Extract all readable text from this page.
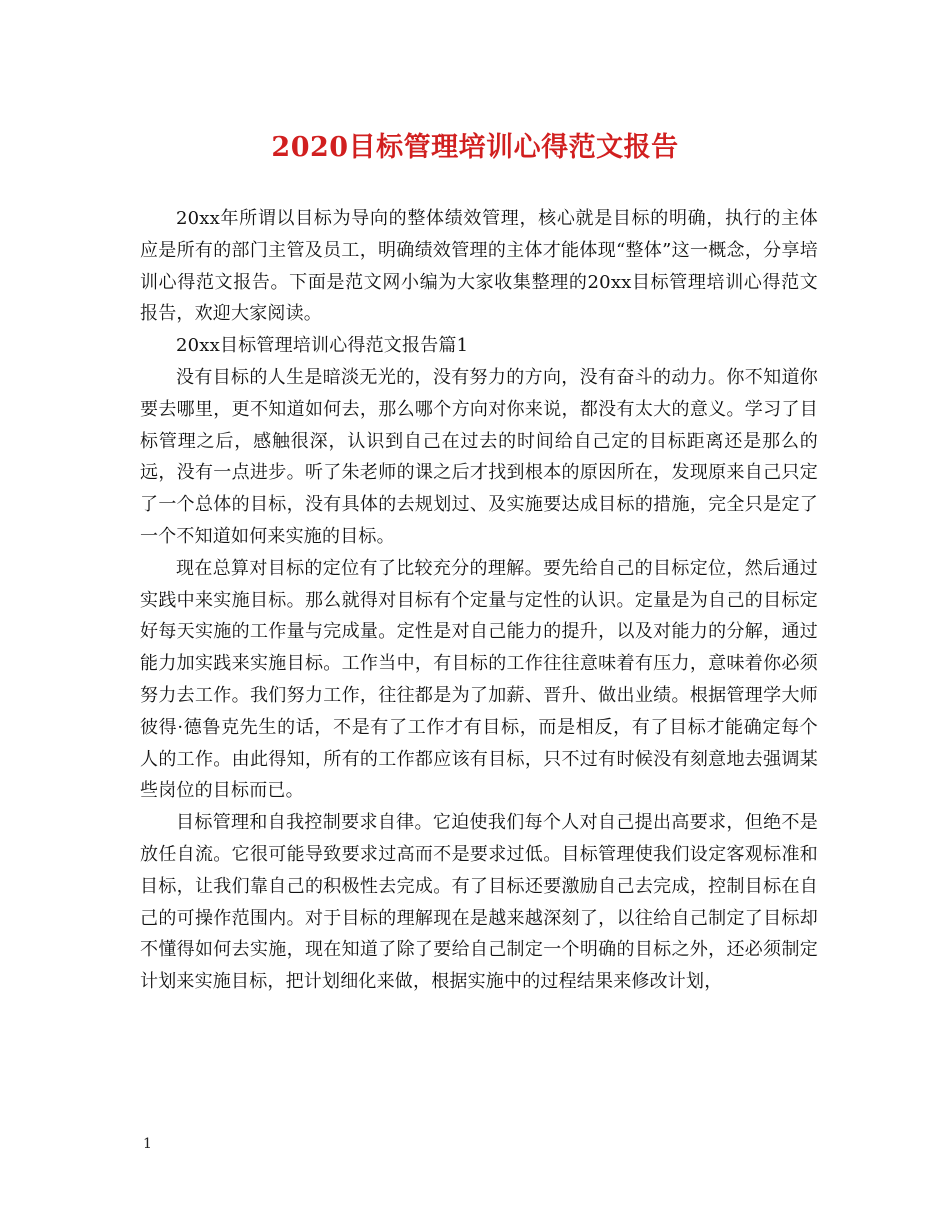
2020目标管理培训心得范文报告

20xx年所谓以目标为导向的整体绩效管理，核心就是目标的明确，执行的主体应是所有的部门主管及员工，明确绩效管理的主体才能体现“整体”这一概念，分享培训心得范文报告。下面是范文网小编为大家收集整理的20xx目标管理培训心得范文报告，欢迎大家阅读。

20xx目标管理培训心得范文报告篇1

没有目标的人生是暗淡无光的，没有努力的方向，没有奋斗的动力。你不知道你要去哪里，更不知道如何去，那么哪个方向对你来说，都没有太大的意义。学习了目标管理之后，感触很深，认识到自己在过去的时间给自己定的目标距离还是那么的远，没有一点进步。听了朱老师的课之后才找到根本的原因所在，发现原来自己只定了一个总体的目标，没有具体的去规划过、及实施要达成目标的措施，完全只是定了一个不知道如何来实施的目标。

现在总算对目标的定位有了比较充分的理解。要先给自己的目标定位，然后通过实践中来实施目标。那么就得对目标有个定量与定性的认识。定量是为自己的目标定好每天实施的工作量与完成量。定性是对自己能力的提升，以及对能力的分解，通过能力加实践来实施目标。工作当中，有目标的工作往往意味着有压力，意味着你必须努力去工作。我们努力工作，往往都是为了加薪、晋升、做出业绩。根据管理学大师彼得·德鲁克先生的话，不是有了工作才有目标，而是相反，有了目标才能确定每个人的工作。由此得知，所有的工作都应该有目标，只不过有时候没有刻意地去强调某些岗位的目标而已。

目标管理和自我控制要求自律。它迫使我们每个人对自己提出高要求，但绝不是放任自流。它很可能导致要求过高而不是要求过低。目标管理使我们设定客观标准和目标，让我们靠自己的积极性去完成。有了目标还要激励自己去完成，控制目标在自己的可操作范围内。对于目标的理解现在是越来越深刻了，以往给自己制定了目标却不懂得如何去实施，现在知道了除了要给自己制定一个明确的目标之外，还必须制定计划来实施目标，把计划细化来做，根据实施中的过程结果来修改计划，

1
